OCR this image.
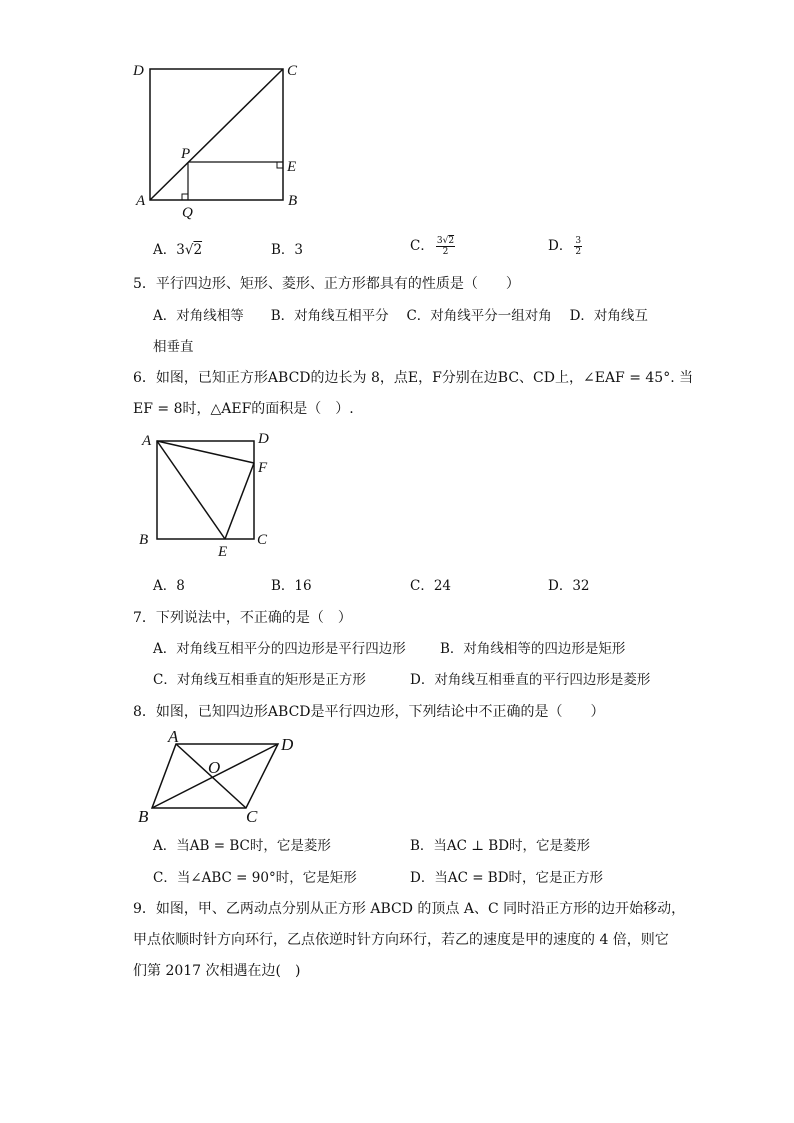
D	C
P
E
A
Q
B
A．3√2	B．3	C． $\frac{3√2}{2}$	D． $\frac{3}{2}$
5．平行四边形、矩形、菱形、正方形都具有的性质是（　　）
A．对角线相等　　B．对角线互相平分　 C．对角线平分一组对角　 D．对角线互
相垂直
6．如图，已知正方形ABCD的边长为 8，点E，F分别在边BC、CD上，∠EAF = 45°. 当
EF = 8时，△AEF的面积是（　）.
A	D
F
B
E
C
A．8	B．16	C．24	D．32
7．下列说法中，不正确的是（　）
A．对角线互相平分的四边形是平行四边形	B．对角线相等的四边形是矩形
C．对角线互相垂直的矩形是正方形	D．对角线互相垂直的平行四边形是菱形
8．如图，已知四边形ABCD是平行四边形，下列结论中不正确的是（　　）
A	D
O
B	C
A．当AB = BC时，它是菱形	B．当AC ⊥ BD时，它是菱形
C．当∠ABC = 90°时，它是矩形	D．当AC = BD时，它是正方形
9．如图，甲、乙两动点分别从正方形 ABCD 的顶点 A、C 同时沿正方形的边开始移动，
甲点依顺时针方向环行，乙点依逆时针方向环行，若乙的速度是甲的速度的 4 倍，则它
们第 2017 次相遇在边(　)
